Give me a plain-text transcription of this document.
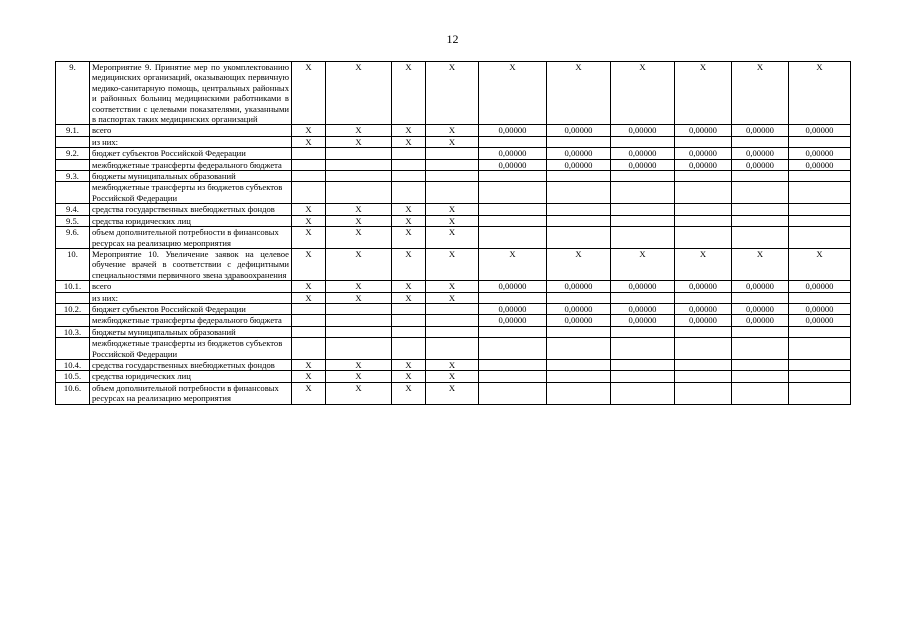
12
9.	Мероприятие 9. Принятие мер по укомплектованию медицинских организаций, оказывающих первичную медико-санитарную помощь, центральных районных и районных больниц медицинскими работниками в соответствии с целевыми показателями, указанными в паспортах таких медицинских организаций	X	X	X	X	X	X	X	X	X	X
9.1.	всего	X	X	X	X	0,00000	0,00000	0,00000	0,00000	0,00000	0,00000
	из них:	X	X	X	X						
9.2.	бюджет субъектов Российской Федерации					0,00000	0,00000	0,00000	0,00000	0,00000	0,00000
	межбюджетные трансферты федерального бюджета					0,00000	0,00000	0,00000	0,00000	0,00000	0,00000
9.3.	бюджеты муниципальных образований										
	межбюджетные трансферты из бюджетов субъектов Российской Федерации										
9.4.	средства государственных внебюджетных фондов	X	X	X	X						
9.5.	средства юридических лиц	X	X	X	X						
9.6.	объем дополнительной потребности в финансовых ресурсах на реализацию мероприятия	X	X	X	X						
10.	Мероприятие 10. Увеличение заявок на целевое обучение врачей в соответствии с дефицитными специальностями первичного звена здравоохранения	X	X	X	X	X	X	X	X	X	X
10.1.	всего	X	X	X	X	0,00000	0,00000	0,00000	0,00000	0,00000	0,00000
	из них:	X	X	X	X						
10.2.	бюджет субъектов Российской Федерации					0,00000	0,00000	0,00000	0,00000	0,00000	0,00000
	межбюджетные трансферты федерального бюджета					0,00000	0,00000	0,00000	0,00000	0,00000	0,00000
10.3.	бюджеты муниципальных образований										
	межбюджетные трансферты из бюджетов субъектов Российской Федерации										
10.4.	средства государственных внебюджетных фондов	X	X	X	X						
10.5.	средства юридических лиц	X	X	X	X						
10.6.	объем дополнительной потребности в финансовых ресурсах на реализацию мероприятия	X	X	X	X						
